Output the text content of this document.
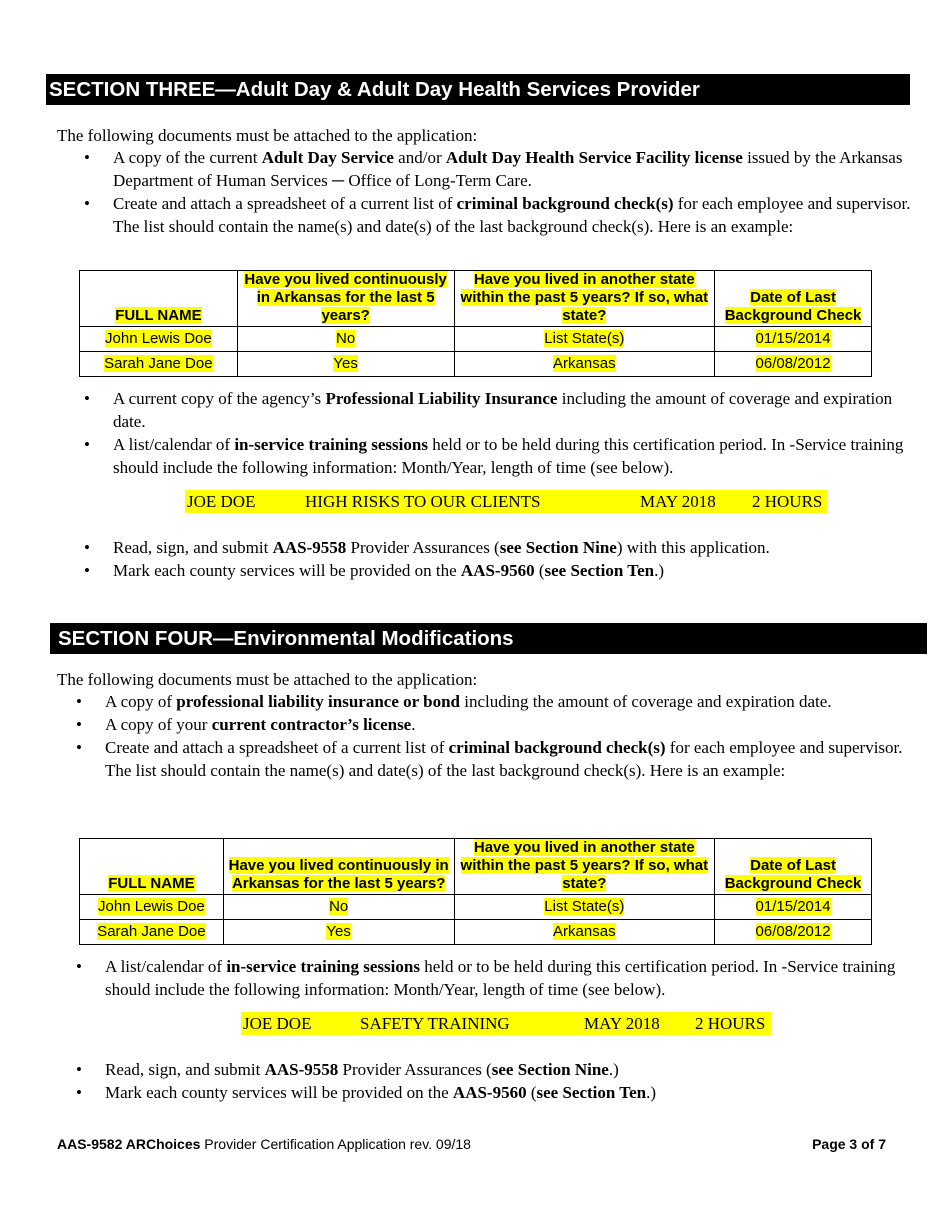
SECTION THREE—Adult Day & Adult Day Health Services Provider
The following documents must be attached to the application:
• A copy of the current Adult Day Service and/or Adult Day Health Service Facility license issued by the Arkansas Department of Human Services ─ Office of Long-Term Care.
• Create and attach a spreadsheet of a current list of criminal background check(s) for each employee and supervisor. The list should contain the name(s) and date(s) of the last background check(s). Here is an example:
FULL NAME	Have you lived continuously in Arkansas for the last 5 years?	Have you lived in another state within the past 5 years? If so, what state?	Date of Last Background Check
John Lewis Doe	No	List State(s)	01/15/2014
Sarah Jane Doe	Yes	Arkansas	06/08/2012
• A current copy of the agency’s Professional Liability Insurance including the amount of coverage and expiration date.
• A list/calendar of in-service training sessions held or to be held during this certification period. In -Service training should include the following information: Month/Year, length of time (see below).
JOE DOE	HIGH RISKS TO OUR CLIENTS	MAY 2018 2 HOURS
• Read, sign, and submit AAS-9558 Provider Assurances (see Section Nine) with this application.
• Mark each county services will be provided on the AAS-9560 (see Section Ten.)
SECTION FOUR—Environmental Modifications
The following documents must be attached to the application:
• A copy of professional liability insurance or bond including the amount of coverage and expiration date.
• A copy of your current contractor’s license.
• Create and attach a spreadsheet of a current list of criminal background check(s) for each employee and supervisor. The list should contain the name(s) and date(s) of the last background check(s). Here is an example:
FULL NAME	Have you lived continuously in Arkansas for the last 5 years?	Have you lived in another state within the past 5 years? If so, what state?	Date of Last Background Check
John Lewis Doe	No	List State(s)	01/15/2014
Sarah Jane Doe	Yes	Arkansas	06/08/2012
• A list/calendar of in-service training sessions held or to be held during this certification period. In -Service training should include the following information: Month/Year, length of time (see below).
JOE DOE	SAFETY TRAINING	MAY 2018 2 HOURS
• Read, sign, and submit AAS-9558 Provider Assurances (see Section Nine.)
• Mark each county services will be provided on the AAS-9560 (see Section Ten.)
AAS-9582 ARChoices Provider Certification Application rev. 09/18	Page 3 of 7
